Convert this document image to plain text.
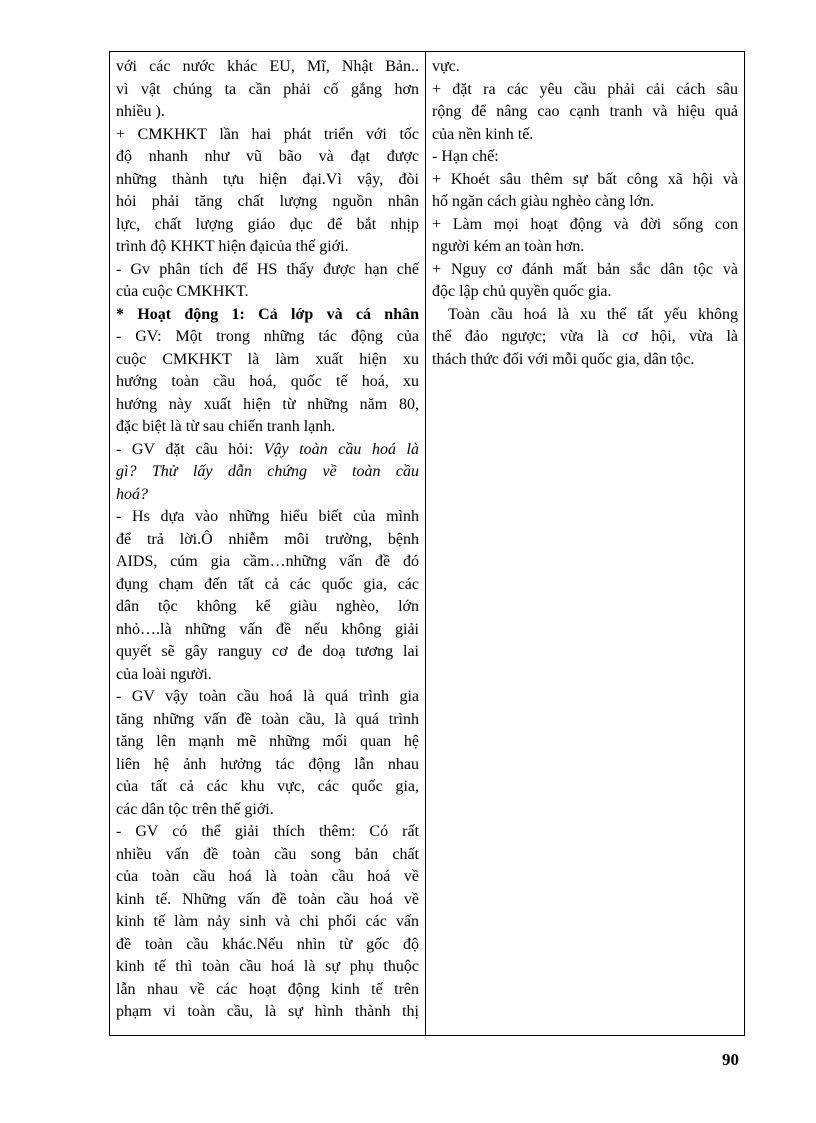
với các nước khác EU, Mĩ, Nhật Bản..
vì vật chúng ta cần phải cố gắng hơn
nhiều ).
+ CMKHKT lần hai phát triển với tốc
độ nhanh như vũ bão và đạt được
những thành tựu hiện đại.Vì vậy, đòi
hỏi phải tăng chất lượng nguồn nhân
lực, chất lượng giáo dục để bắt nhịp
trình độ KHKT hiện đạicủa thế giới.
- Gv phân tích để HS thấy được hạn chế
của cuộc CMKHKT.
* Hoạt động 1: Cả lớp và cá nhân
- GV: Một trong những tác động của
cuộc CMKHKT là làm xuất hiện xu
hướng toàn cầu hoá, quốc tế hoá, xu
hướng này xuất hiện từ những năm 80,
đặc biệt là từ sau chiến tranh lạnh.
- GV đặt câu hỏi: Vậy toàn cầu hoá là
gì? Thử lấy dẫn chứng về toàn cầu
hoá?
- Hs dựa vào những hiểu biết của mình
để trả lời.Ô nhiễm môi trường, bệnh
AIDS, cúm gia cầm…những vấn đề đó
đụng chạm đến tất cả các quốc gia, các
dân tộc không kể giàu nghèo, lớn
nhỏ….là những vấn đề nếu không giải
quyết sẽ gây ranguy cơ đe doạ tương lai
của loài người.
- GV vậy toàn cầu hoá là quá trình gia
tăng những vấn đề toàn cầu, là quá trình
tăng lên mạnh mẽ những mối quan hệ
liên hệ ảnh hưởng tác động lẫn nhau
của tất cả các khu vực, các quốc gia,
các dân tộc trên thế giới.
- GV có thể giải thích thêm: Có rất
nhiều vấn đề toàn cầu song bản chất
của toàn cầu hoá là toàn cầu hoá về
kinh tế. Những vấn đề toàn cầu hoá về
kinh tế làm nảy sinh và chi phối các vấn
đề toàn cầu khác.Nếu nhìn từ gốc độ
kinh tế thì toàn cầu hoá là sự phụ thuộc
lẫn nhau về các hoạt động kinh tế trên
phạm vi toàn cầu, là sự hình thành thị
vực.
+ đặt ra các yêu cầu phải cải cách sâu
rộng để nâng cao cạnh tranh và hiệu quả
của nền kinh tế.
- Hạn chế:
+ Khoét sâu thêm sự bất công xã hội và
hố ngăn cách giàu nghèo càng lớn.
+ Làm mọi hoạt động và đời sống con
người kém an toàn hơn.
+ Nguy cơ đánh mất bản sắc dân tộc và
độc lập chủ quyền quốc gia.
Toàn cầu hoá là xu thế tất yếu không
thể đảo ngược; vừa là cơ hội, vừa là
thách thức đối với mỗi quốc gia, dân tộc.
90
